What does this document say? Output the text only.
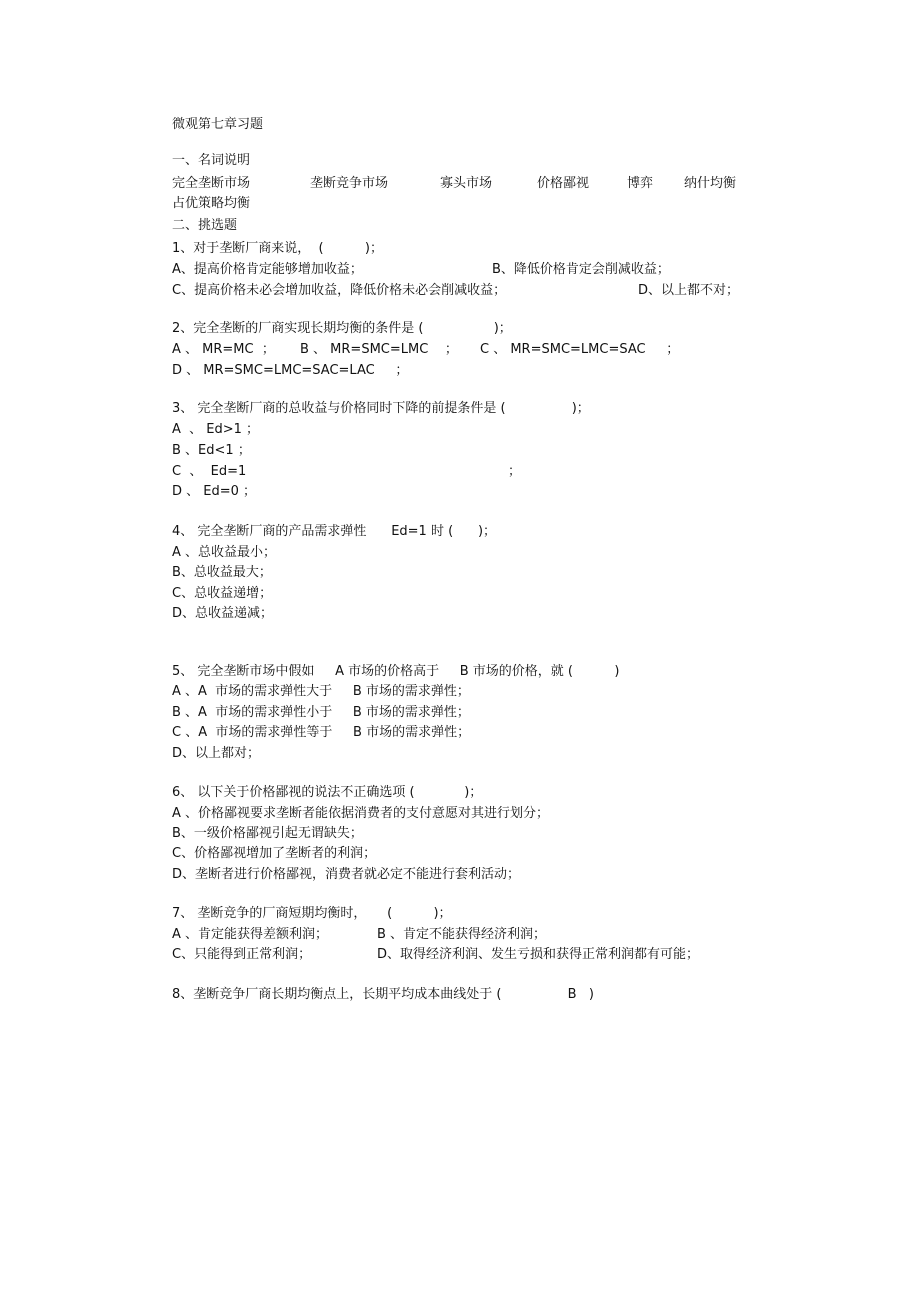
微观第七章习题
一、名词说明
完全垄断市场	垄断竞争市场	寡头市场	价格鄙视	博弈 纳什均衡
占优策略均衡
二、挑选题
1、对于垄断厂商来说，  (          )；
A、提高价格肯定能够增加收益；	B、降低价格肯定会削减收益；
C、提高价格未必会增加收益，降低价格未必会削减收益；	D、以上都不对；
2、完全垄断的厂商实现长期均衡的条件是 (                 )；
A 、 MR=MC  ； B 、 MR=SMC=LMC    ； C 、 MR=SMC=LMC=SAC     ；
D 、 MR=SMC=LMC=SAC=LAC     ；
3、 完全垄断厂商的总收益与价格同时下降的前提条件是 (                )；
A  、 Ed>1 ；
B 、Ed<1 ；
C  、  Ed=1	；
D 、 Ed=0 ；
4、 完全垄断厂商的产品需求弹性      Ed=1 时 (      )；
A 、总收益最小；
B、总收益最大；
C、总收益递增；
D、总收益递减；
5、 完全垄断市场中假如     A 市场的价格高于     B 市场的价格，就 (          )
A 、A  市场的需求弹性大于     B 市场的需求弹性；
B 、A  市场的需求弹性小于     B 市场的需求弹性；
C 、A  市场的需求弹性等于     B 市场的需求弹性；
D、以上都对；
6、 以下关于价格鄙视的说法不正确选项 (            )；
A 、价格鄙视要求垄断者能依据消费者的支付意愿对其进行划分；
B、一级价格鄙视引起无谓缺失；
C、价格鄙视增加了垄断者的利润；
D、垄断者进行价格鄙视，消费者就必定不能进行套利活动；
7、 垄断竞争的厂商短期均衡时，     (          )；
A 、肯定能获得差额利润；	B 、肯定不能获得经济利润；
C、只能得到正常利润；	D、取得经济利润、发生亏损和获得正常利润都有可能；
8、垄断竞争厂商长期均衡点上，长期平均成本曲线处于 (                B   )
